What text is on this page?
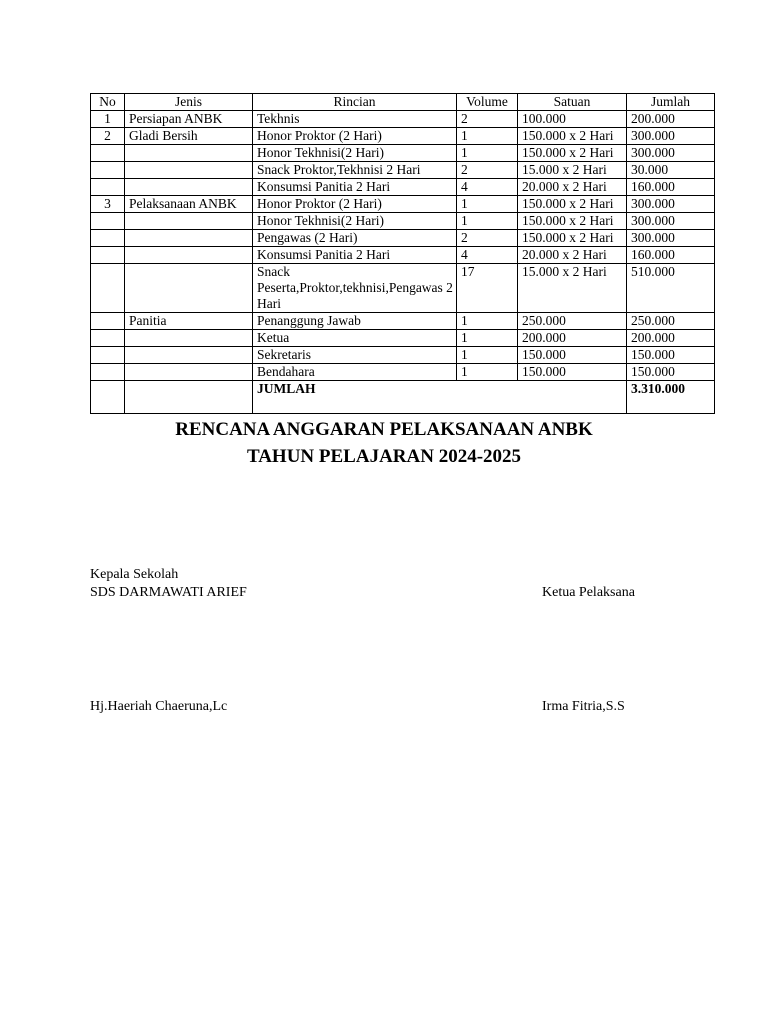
No	Jenis	Rincian	Volume	Satuan	Jumlah
1	Persiapan ANBK	Tekhnis	2	100.000	200.000
2	Gladi Bersih	Honor Proktor (2 Hari)	1	150.000 x 2 Hari	300.000
		Honor Tekhnisi(2 Hari)	1	150.000 x 2 Hari	300.000
		Snack Proktor,Tekhnisi 2 Hari	2	15.000 x 2 Hari	30.000
		Konsumsi Panitia 2 Hari	4	20.000 x 2 Hari	160.000
3	Pelaksanaan ANBK	Honor Proktor (2 Hari)	1	150.000 x 2 Hari	300.000
		Honor Tekhnisi(2 Hari)	1	150.000 x 2 Hari	300.000
		Pengawas (2 Hari)	2	150.000 x 2 Hari	300.000
		Konsumsi Panitia 2 Hari	4	20.000 x 2 Hari	160.000
		Snack Peserta,Proktor,tekhnisi,Pengawas 2 Hari	17	15.000 x 2 Hari	510.000
	Panitia	Penanggung Jawab	1	250.000	250.000
		Ketua	1	200.000	200.000
		Sekretaris	1	150.000	150.000
		Bendahara	1	150.000	150.000
		JUMLAH			3.310.000
RENCANA ANGGARAN PELAKSANAAN ANBK
TAHUN PELAJARAN 2024-2025
Kepala Sekolah
SDS DARMAWATI ARIEF	Ketua Pelaksana
Hj.Haeriah Chaeruna,Lc	Irma Fitria,S.S
